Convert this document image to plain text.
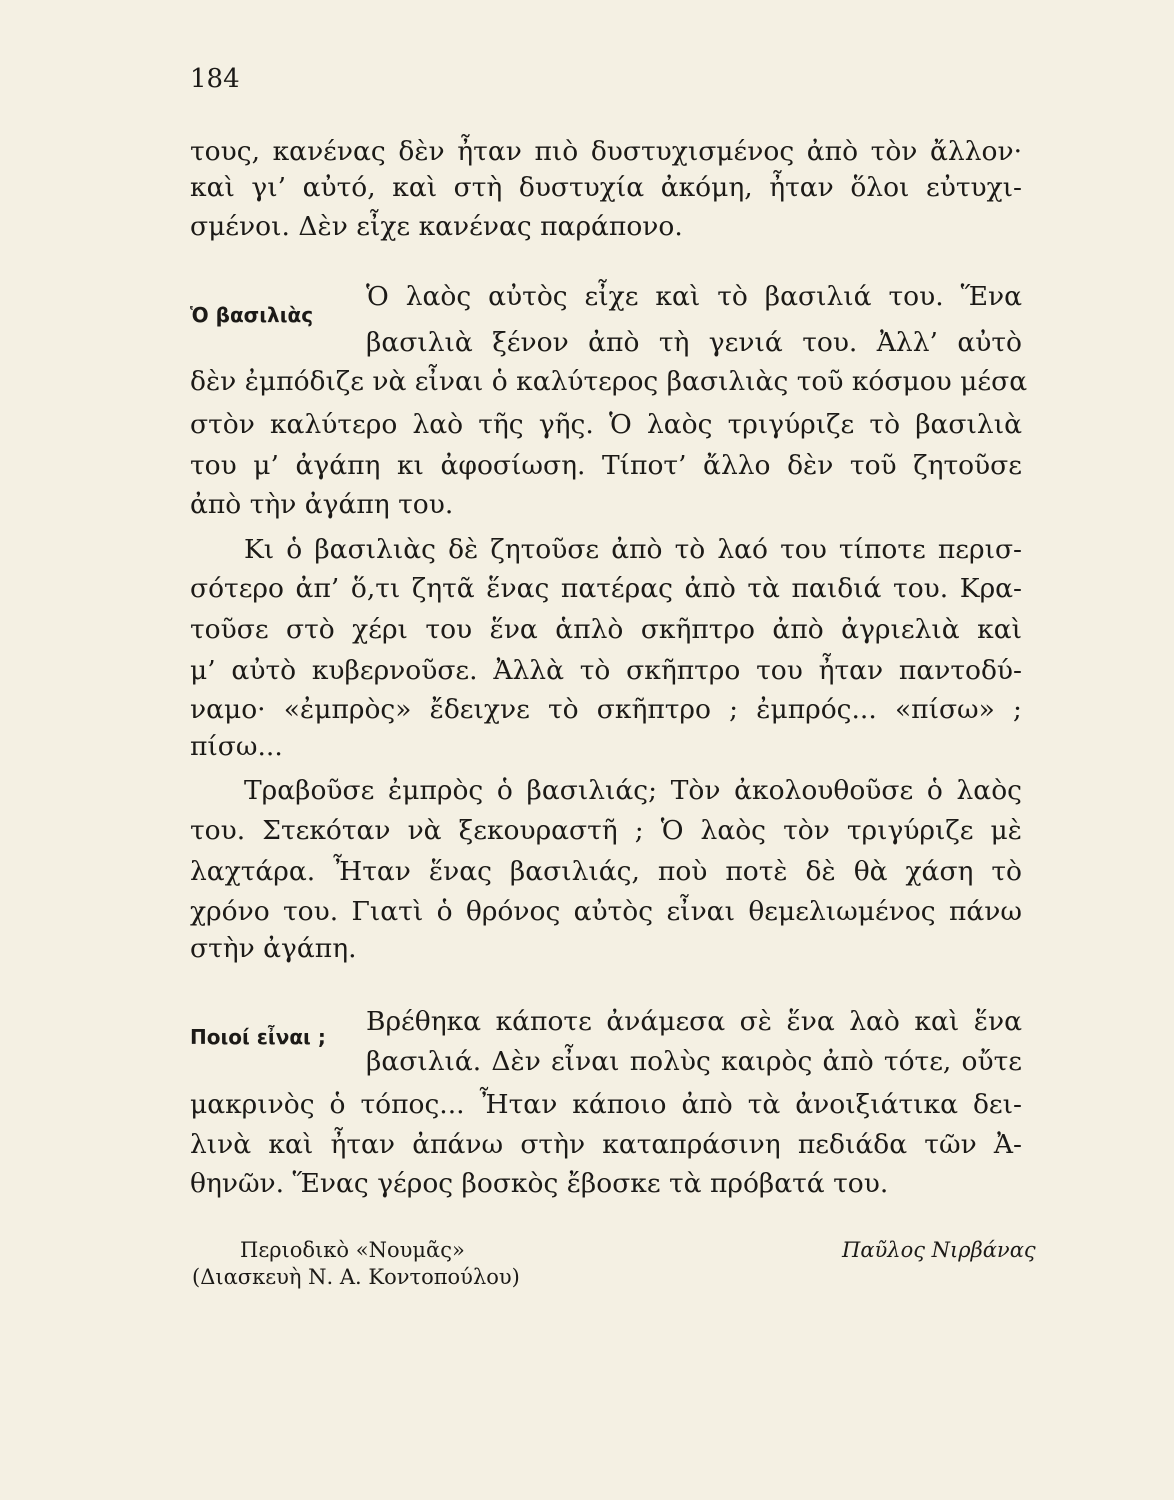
184
τους, κανένας δὲν ἦταν πιὸ δυστυχισμένος ἀπὸ τὸν ἄλλον·
καὶ γι’ αὐτό, καὶ στὴ δυστυχία ἀκόμη, ἦταν ὅλοι εὐτυχι-
σμένοι. Δὲν εἶχε κανένας παράπονο.
Ὁ βασιλιὰς
Ὁ λαὸς αὐτὸς εἶχε καὶ τὸ βασιλιά του. Ἕνα
βασιλιὰ ξένον ἀπὸ τὴ γενιά του. Ἀλλ’ αὐτὸ
δὲν ἐμπόδιζε νὰ εἶναι ὁ καλύτερος βασιλιὰς τοῦ κόσμου μέσα
στὸν καλύτερο λαὸ τῆς γῆς. Ὁ λαὸς τριγύριζε τὸ βασιλιὰ
του μ’ ἀγάπη κι ἀφοσίωση. Τίποτ’ ἄλλο δὲν τοῦ ζητοῦσε
ἀπὸ τὴν ἀγάπη του.
Κι ὁ βασιλιὰς δὲ ζητοῦσε ἀπὸ τὸ λαό του τίποτε περισ-
σότερο ἀπ’ ὅ,τι ζητᾶ ἕνας πατέρας ἀπὸ τὰ παιδιά του. Κρα-
τοῦσε στὸ χέρι του ἕνα ἁπλὸ σκῆπτρο ἀπὸ ἀγριελιὰ καὶ
μ’ αὐτὸ κυβερνοῦσε. Ἀλλὰ τὸ σκῆπτρο του ἦταν παντοδύ-
ναμο· «ἐμπρὸς» ἔδειχνε τὸ σκῆπτρο ; ἐμπρός... «πίσω» ;
πίσω...
Τραβοῦσε ἐμπρὸς ὁ βασιλιάς; Τὸν ἀκολουθοῦσε ὁ λαὸς
του. Στεκόταν νὰ ξεκουραστῆ ; Ὁ λαὸς τὸν τριγύριζε μὲ
λαχτάρα. Ἦταν ἕνας βασιλιάς, ποὺ ποτὲ δὲ θὰ χάση τὸ
χρόνο του. Γιατὶ ὁ θρόνος αὐτὸς εἶναι θεμελιωμένος πάνω
στὴν ἀγάπη.
Ποιοί εἶναι ;	Βρέθηκα κάποτε ἀνάμεσα σὲ ἕνα λαὸ καὶ ἕνα
βασιλιά. Δὲν εἶναι πολὺς καιρὸς ἀπὸ τότε, οὔτε
μακρινὸς ὁ τόπος... Ἦταν κάποιο ἀπὸ τὰ ἀνοιξιάτικα δει-
λινὰ καὶ ἦταν ἀπάνω στὴν καταπράσινη πεδιάδα τῶν Ἀ-
θηνῶν. Ἕνας γέρος βοσκὸς ἔβοσκε τὰ πρόβατά του.
Περιοδικὸ «Νουμᾶς»
(Διασκευὴ Ν. Α. Κοντοπούλου)
Παῦλος Νιρβάνας
